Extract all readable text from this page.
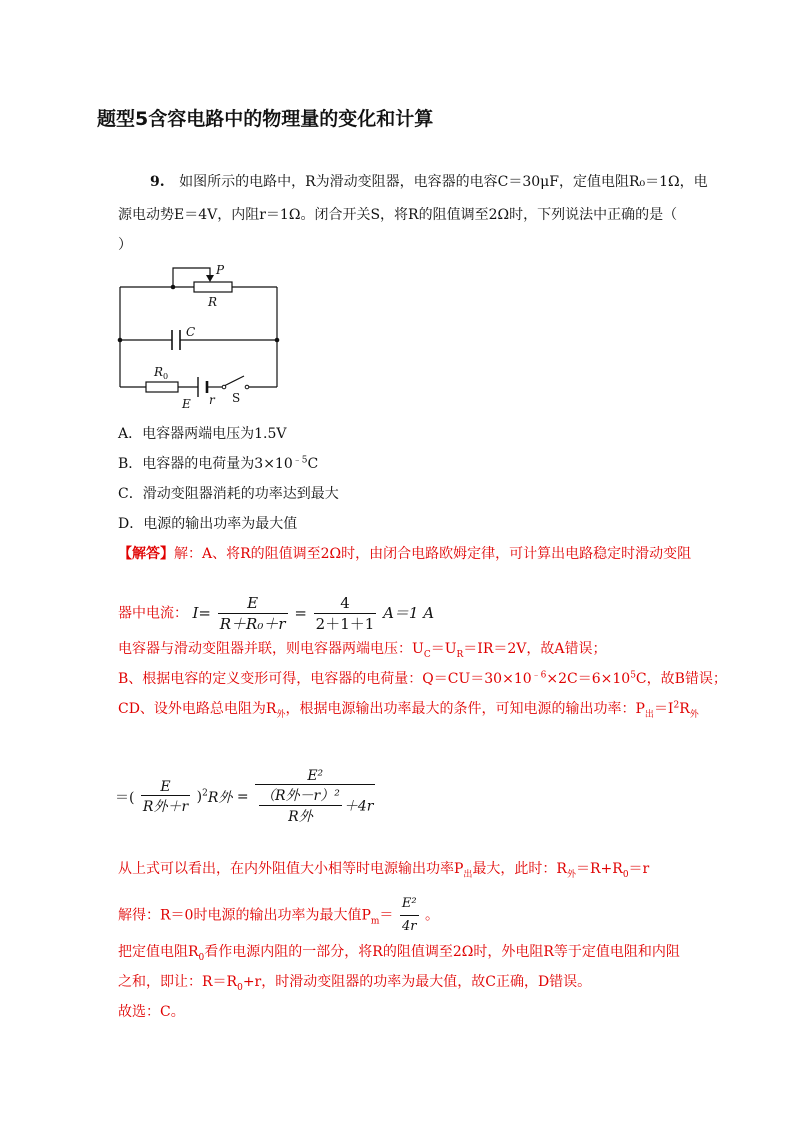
题型5含容电路中的物理量的变化和计算
9. 如图所示的电路中，R为滑动变阻器，电容器的电容C＝30μF，定值电阻R₀＝1Ω，电
源电动势E＝4V，内阻r＝1Ω。闭合开关S，将R的阻值调至2Ω时，下列说法中正确的是（
）
P
R
C
R 0
E r S
A．电容器两端电压为1.5V
B．电容器的电荷量为$3\times 10^{﹣5}C$
C．滑动变阻器消耗的功率达到最大
D．电源的输出功率为最大值
【解答】解：A、将R的阻值调至2Ω时，由闭合电路欧姆定律，可计算出电路稳定时滑动变阻
器中电流： $I= \frac{E}{\text{R＋R₀＋r}} = \frac{4}{2+1+1} A=1$ A
电容器与滑动变阻器并联，则电容器两端电压：$U_C=U_R=IR=2V$，故A错误；
B、根据电容的定义变形可得，电容器的电荷量：$Q=CU=30\times 10^{﹣6}\times 2C=6\times 10^5C$，故B错误；
CD、设外电路总电阻为$R_外$，根据电源输出功率最大的条件，可知电源的输出功率：$P_出=I^2R_外$
＝( $\frac{E}{\text{R外＋r}} )^2R$外 = $\frac{\text{E²}}{\frac{\text{（R外－r）²}}{\text{R外}} +4r}$
从上式可以看出，在内外阻值大小相等时电源输出功率$P_出$最大，此时：$R_外=R+R_0=r$
解得：R＝0时电源的输出功率为最大值$P_m= \frac{\text{E²}}{4r}$ 。
把定值电阻$R_0$看作电源内阻的一部分，将R的阻值调至2Ω时，外电阻R等于定值电阻和内阻
之和，即让：$R=R_0+r$，时滑动变阻器的功率为最大值，故C正确，D错误。
故选：C。
